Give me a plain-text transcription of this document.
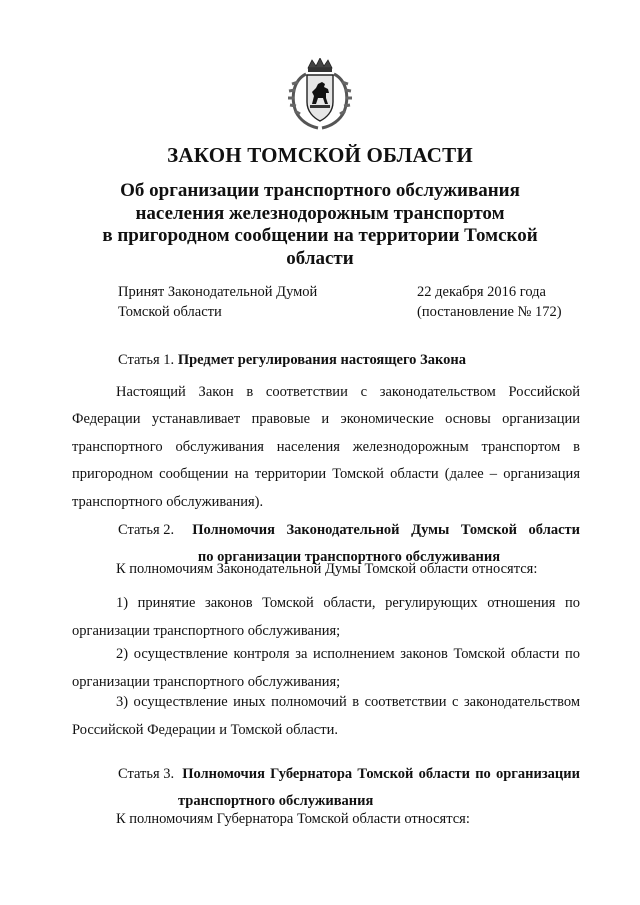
ЗАКОН ТОМСКОЙ ОБЛАСТИ
Об организации транспортного обслуживания
населения железнодорожным транспортом
в пригородном сообщении на территории Томской
области
Принят Законодательной Думой
Томской области
22 декабря 2016 года
(постановление № 172)
Статья 1. Предмет регулирования настоящего Закона

Настоящий Закон в соответствии с законодательством Российской Федерации устанавливает правовые и экономические основы организации транспортного обслуживания населения железнодорожным транспортом в пригородном сообщении на территории Томской области (далее – организация транспортного обслуживания).

Статья 2. Полномочия Законодательной Думы Томской области
по организации транспортного обслуживания

К полномочиям Законодательной Думы Томской области относятся:

1) принятие законов Томской области, регулирующих отношения по организации транспортного обслуживания;

2) осуществление контроля за исполнением законов Томской области по организации транспортного обслуживания;

3) осуществление иных полномочий в соответствии с законодательством Российской Федерации и Томской области.

Статья 3. Полномочия Губернатора Томской области по организации
транспортного обслуживания

К полномочиям Губернатора Томской области относятся:
